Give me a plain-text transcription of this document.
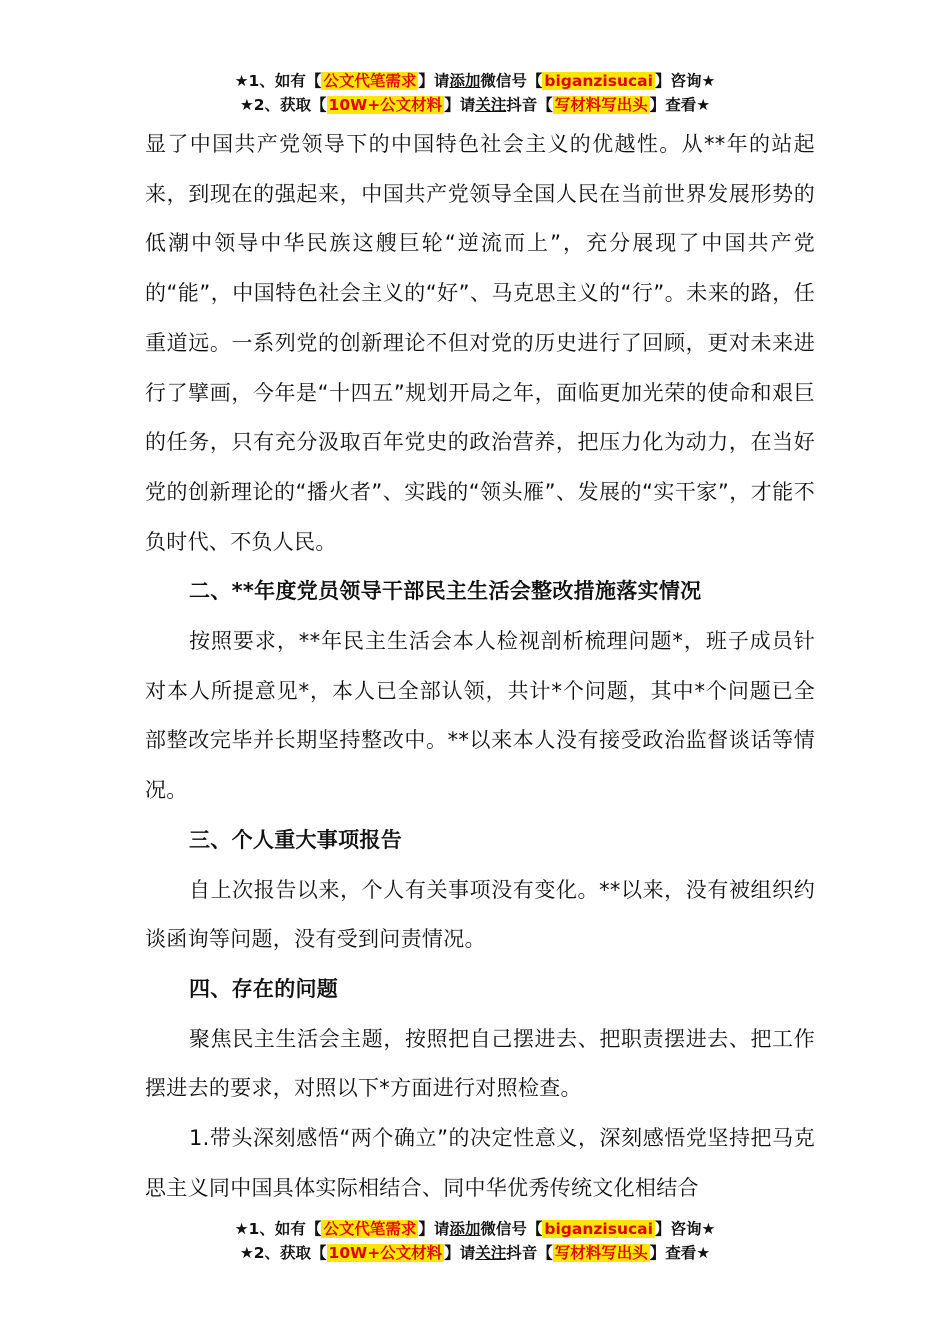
★1、如有【 公文代笔需求 】请添加微信号【 biganzisucai 】咨询★
★2、获取【 10W+公文材料 】请关注抖音【 写材料写出头 】查看★

显了中国共产党领导下的中国特色社会主义的优越性。从**年的站起来，到现在的强起来，中国共产党领导全国人民在当前世界发展形势的低潮中领导中华民族这艘巨轮“逆流而上”，充分展现了中国共产党的“能”，中国特色社会主义的“好”、马克思主义的“行”。未来的路，任重道远。一系列党的创新理论不但对党的历史进行了回顾，更对未来进行了擘画，今年是“十四五”规划开局之年，面临更加光荣的使命和艰巨的任务，只有充分汲取百年党史的政治营养，把压力化为动力，在当好党的创新理论的“播火者”、实践的“领头雁”、发展的“实干家”，才能不负时代、不负人民。

二、**年度党员领导干部民主生活会整改措施落实情况

按照要求，**年民主生活会本人检视剖析梳理问题*，班子成员针对本人所提意见*，本人已全部认领，共计*个问题，其中*个问题已全部整改完毕并长期坚持整改中。**以来本人没有接受政治监督谈话等情况。

三、个人重大事项报告

自上次报告以来，个人有关事项没有变化。**以来，没有被组织约谈函询等问题，没有受到问责情况。

四、存在的问题

聚焦民主生活会主题，按照把自己摆进去、把职责摆进去、把工作摆进去的要求，对照以下*方面进行对照检查。

1.带头深刻感悟“两个确立”的决定性意义，深刻感悟党坚持把马克思主义同中国具体实际相结合、同中华优秀传统文化相结合

★1、如有【 公文代笔需求 】请添加微信号【 biganzisucai 】咨询★
★2、获取【 10W+公文材料 】请关注抖音【 写材料写出头 】查看★
